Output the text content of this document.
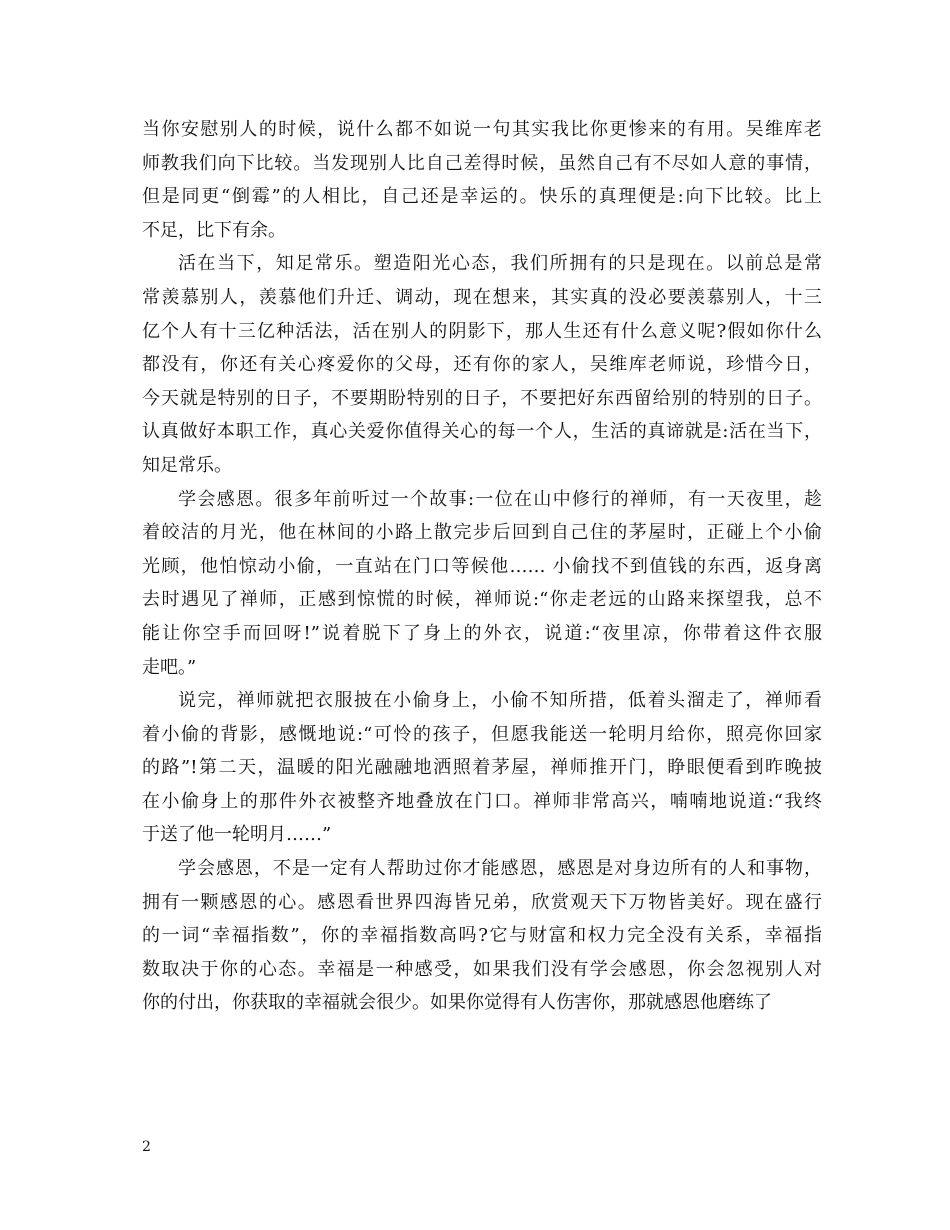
当你安慰别人的时候，说什么都不如说一句其实我比你更惨来的有用。吴维库老
师教我们向下比较。当发现别人比自己差得时候，虽然自己有不尽如人意的事情，
但是同更“倒霉”的人相比，自己还是幸运的。快乐的真理便是:向下比较。比上
不足，比下有余。
活在当下，知足常乐。塑造阳光心态，我们所拥有的只是现在。以前总是常
常羡慕别人，羡慕他们升迁、调动，现在想来，其实真的没必要羡慕别人，十三
亿个人有十三亿种活法，活在别人的阴影下，那人生还有什么意义呢?假如你什么
都没有，你还有关心疼爱你的父母，还有你的家人，吴维库老师说，珍惜今日，
今天就是特别的日子，不要期盼特别的日子，不要把好东西留给别的特别的日子。
认真做好本职工作，真心关爱你值得关心的每一个人，生活的真谛就是:活在当下，
知足常乐。
学会感恩。很多年前听过一个故事:一位在山中修行的禅师，有一天夜里，趁
着皎洁的月光，他在林间的小路上散完步后回到自己住的茅屋时，正碰上个小偷
光顾，他怕惊动小偷，一直站在门口等候他…… 小偷找不到值钱的东西，返身离
去时遇见了禅师，正感到惊慌的时候，禅师说:“你走老远的山路来探望我，总不
能让你空手而回呀!”说着脱下了身上的外衣，说道:“夜里凉，你带着这件衣服
走吧。”
说完，禅师就把衣服披在小偷身上，小偷不知所措，低着头溜走了，禅师看
着小偷的背影，感慨地说:“可怜的孩子，但愿我能送一轮明月给你，照亮你回家
的路”!第二天，温暖的阳光融融地洒照着茅屋，禅师推开门，睁眼便看到昨晚披
在小偷身上的那件外衣被整齐地叠放在门口。禅师非常高兴，喃喃地说道:“我终
于送了他一轮明月……”
学会感恩，不是一定有人帮助过你才能感恩，感恩是对身边所有的人和事物，
拥有一颗感恩的心。感恩看世界四海皆兄弟，欣赏观天下万物皆美好。现在盛行
的一词“幸福指数”，你的幸福指数高吗?它与财富和权力完全没有关系，幸福指
数取决于你的心态。幸福是一种感受，如果我们没有学会感恩，你会忽视别人对
你的付出，你获取的幸福就会很少。如果你觉得有人伤害你，那就感恩他磨练了
2
